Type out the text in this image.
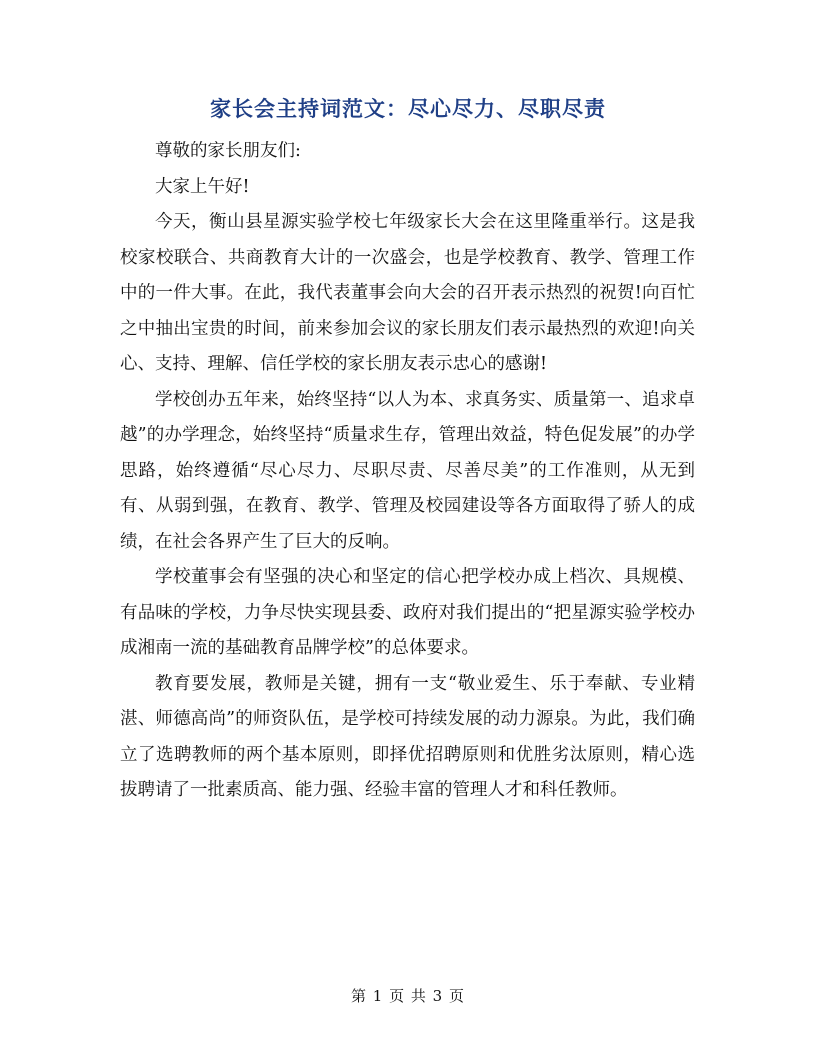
家长会主持词范文：尽心尽力、尽职尽责

尊敬的家长朋友们:

大家上午好!

今天，衡山县星源实验学校七年级家长大会在这里隆重举行。这是我校家校联合、共商教育大计的一次盛会，也是学校教育、教学、管理工作中的一件大事。在此，我代表董事会向大会的召开表示热烈的祝贺!向百忙之中抽出宝贵的时间，前来参加会议的家长朋友们表示最热烈的欢迎!向关心、支持、理解、信任学校的家长朋友表示忠心的感谢!

学校创办五年来，始终坚持“以人为本、求真务实、质量第一、追求卓越”的办学理念，始终坚持“质量求生存，管理出效益，特色促发展”的办学思路，始终遵循“尽心尽力、尽职尽责、尽善尽美”的工作准则，从无到有、从弱到强，在教育、教学、管理及校园建设等各方面取得了骄人的成绩，在社会各界产生了巨大的反响。

学校董事会有坚强的决心和坚定的信心把学校办成上档次、具规模、有品味的学校，力争尽快实现县委、政府对我们提出的“把星源实验学校办成湘南一流的基础教育品牌学校”的总体要求。

教育要发展，教师是关键，拥有一支“敬业爱生、乐于奉献、专业精湛、师德高尚”的师资队伍，是学校可持续发展的动力源泉。为此，我们确立了选聘教师的两个基本原则，即择优招聘原则和优胜劣汰原则，精心选拔聘请了一批素质高、能力强、经验丰富的管理人才和科任教师。

第 1 页 共 3 页
